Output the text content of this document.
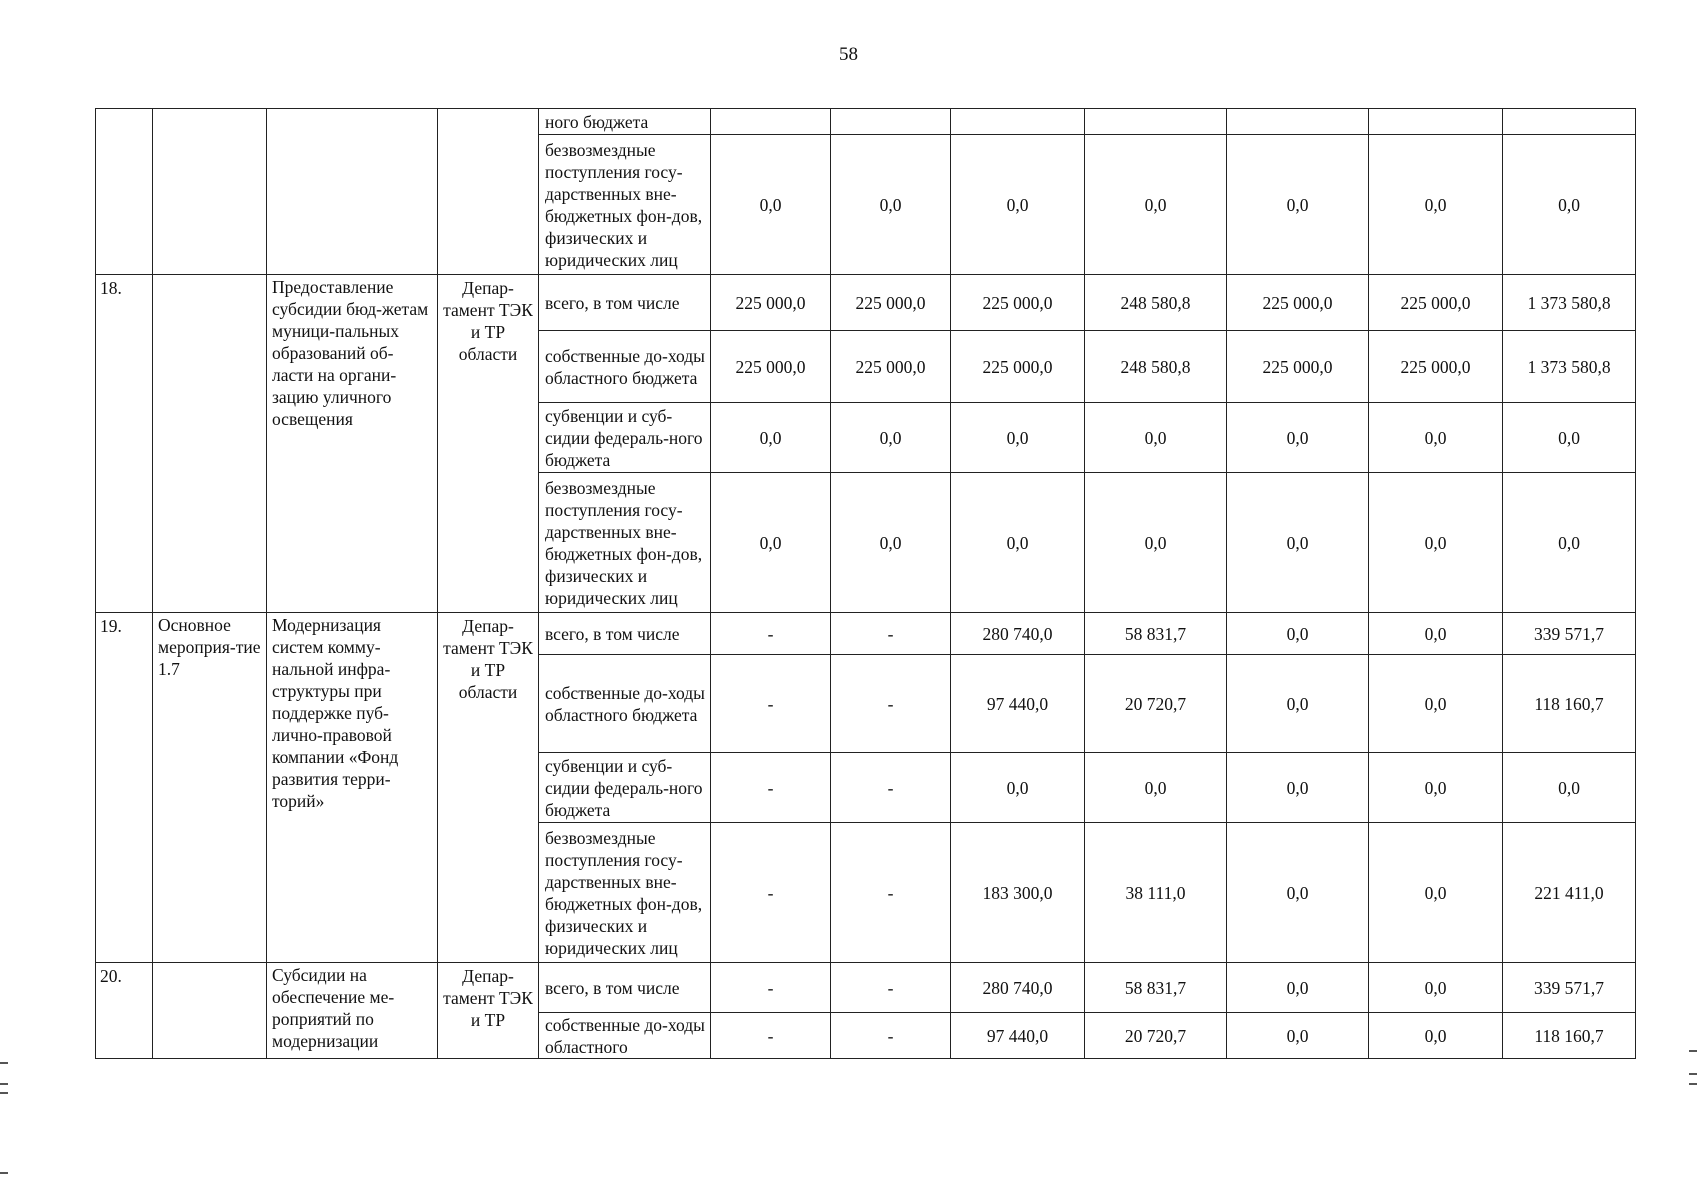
58
				ного бюджета							
				безвозмездные поступления госу-дарственных вне-бюджетных фон-дов, физических и юридических лиц	0,0	0,0	0,0	0,0	0,0	0,0	0,0
18.		Предоставление субсидии бюд-жетам муници-пальных образований об-ласти на органи-зацию уличного освещения	Депар-тамент ТЭК и ТР области	всего, в том числе	225 000,0	225 000,0	225 000,0	248 580,8	225 000,0	225 000,0	1 373 580,8
				собственные до-ходы областного бюджета	225 000,0	225 000,0	225 000,0	248 580,8	225 000,0	225 000,0	1 373 580,8
				субвенции и суб-сидии федераль-ного бюджета	0,0	0,0	0,0	0,0	0,0	0,0	0,0
				безвозмездные поступления госу-дарственных вне-бюджетных фон-дов, физических и юридических лиц	0,0	0,0	0,0	0,0	0,0	0,0	0,0
19.	Основное мероприя-тие 1.7	Модернизация систем комму-нальной инфра-структуры при поддержке пуб-лично-правовой компании «Фонд развития терри-торий»	Депар-тамент ТЭК и ТР области	всего, в том числе	-	-	280 740,0	58 831,7	0,0	0,0	339 571,7
				собственные до-ходы областного бюджета	-	-	97 440,0	20 720,7	0,0	0,0	118 160,7
				субвенции и суб-сидии федераль-ного бюджета	-	-	0,0	0,0	0,0	0,0	0,0
				безвозмездные поступления госу-дарственных вне-бюджетных фон-дов, физических и юридических лиц	-	-	183 300,0	38 111,0	0,0	0,0	221 411,0
20.		Субсидии на обеспечение ме-роприятий по модернизации	Депар-тамент ТЭК и ТР	всего, в том числе	-	-	280 740,0	58 831,7	0,0	0,0	339 571,7
				собственные до-ходы областного	-	-	97 440,0	20 720,7	0,0	0,0	118 160,7
